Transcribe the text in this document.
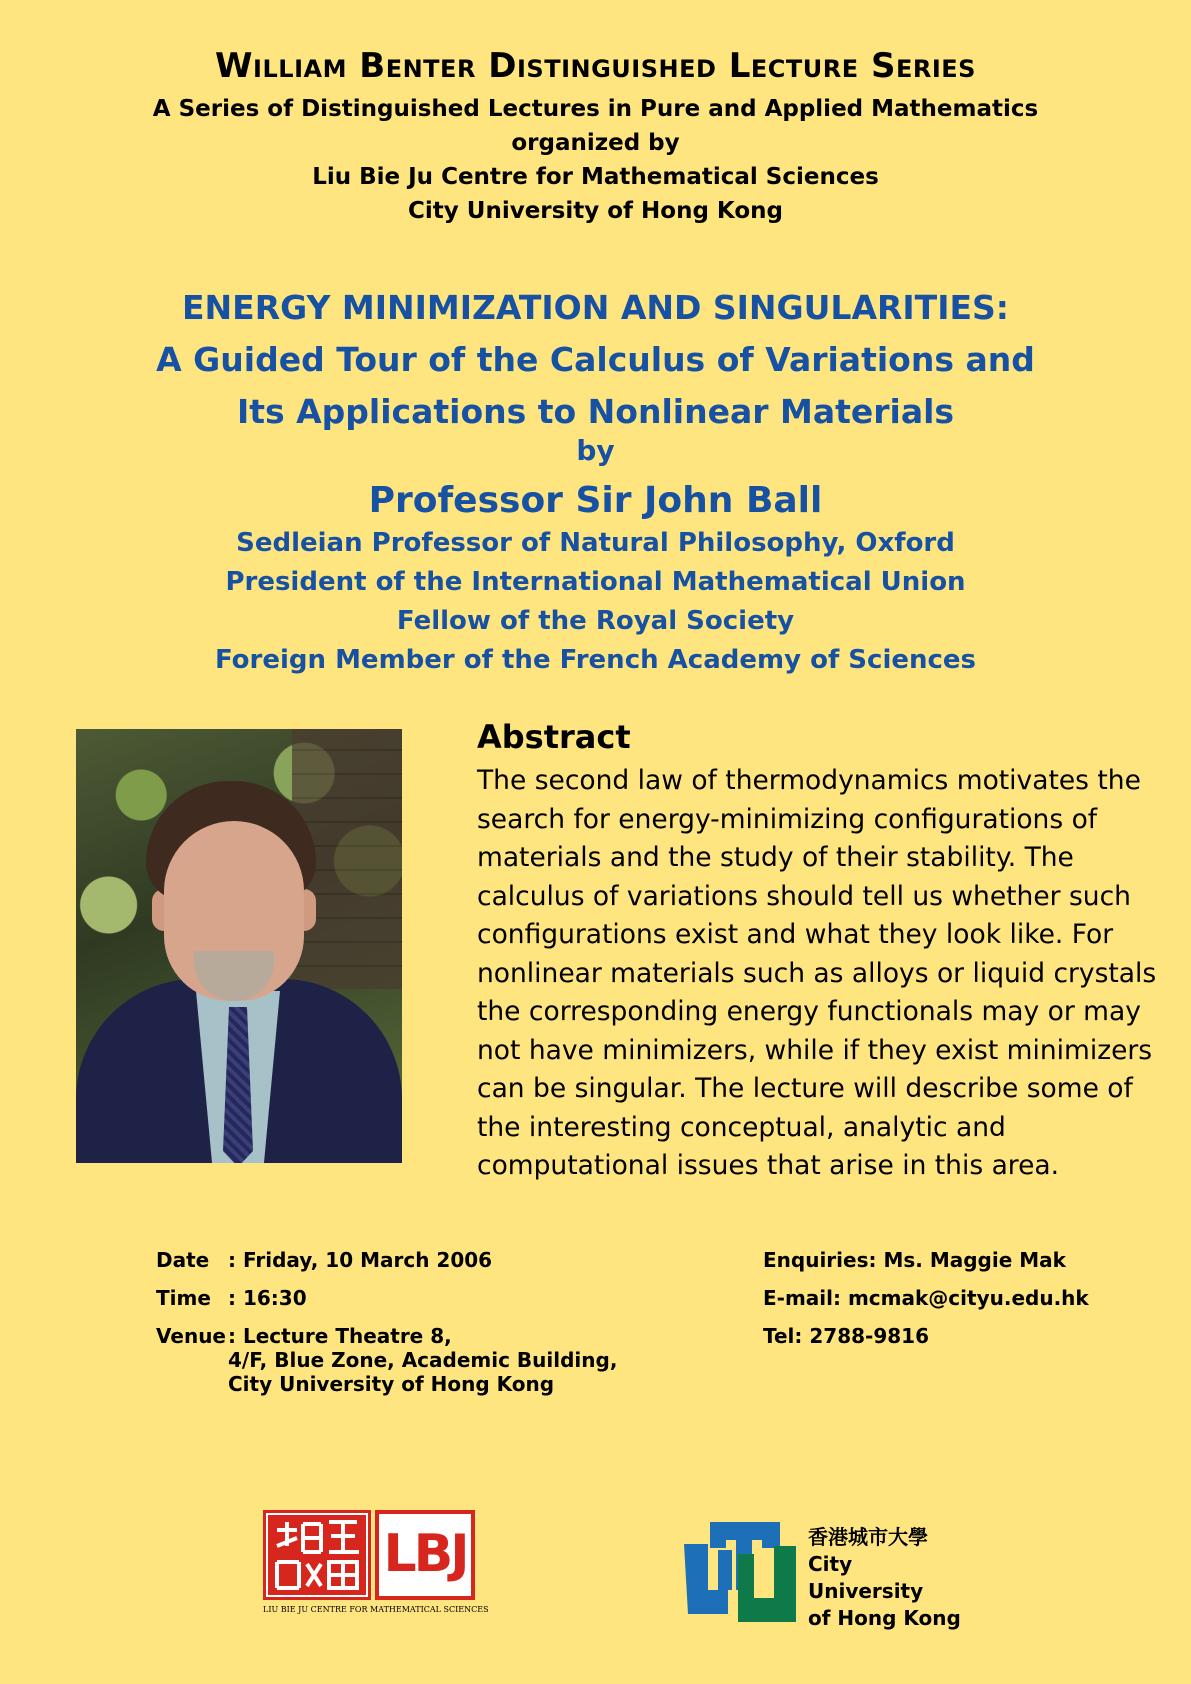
William Benter Distinguished Lecture Series
A Series of Distinguished Lectures in Pure and Applied Mathematics
organized by
Liu Bie Ju Centre for Mathematical Sciences
City University of Hong Kong
ENERGY MINIMIZATION AND SINGULARITIES:
A Guided Tour of the Calculus of Variations and
Its Applications to Nonlinear Materials
by
Professor Sir John Ball
Sedleian Professor of Natural Philosophy, Oxford
President of the International Mathematical Union
Fellow of the Royal Society
Foreign Member of the French Academy of Sciences
Abstract
The second law of thermodynamics motivates the
search for energy-minimizing configurations of
materials and the study of their stability. The
calculus of variations should tell us whether such
configurations exist and what they look like. For
nonlinear materials such as alloys or liquid crystals
the corresponding energy functionals may or may
not have minimizers, while if they exist minimizers
can be singular. The lecture will describe some of
the interesting conceptual, analytic and
computational issues that arise in this area.
Date : Friday, 10 March 2006
Time : 16:30
Venue : Lecture Theatre 8,
4/F, Blue Zone, Academic Building,
City University of Hong Kong
Enquiries: Ms. Maggie Mak
E-mail: mcmak@cityu.edu.hk
Tel: 2788-9816
LBJ
LIU BIE JU CENTRE FOR MATHEMATICAL SCIENCES
香港城市大學
City University
of Hong Kong
